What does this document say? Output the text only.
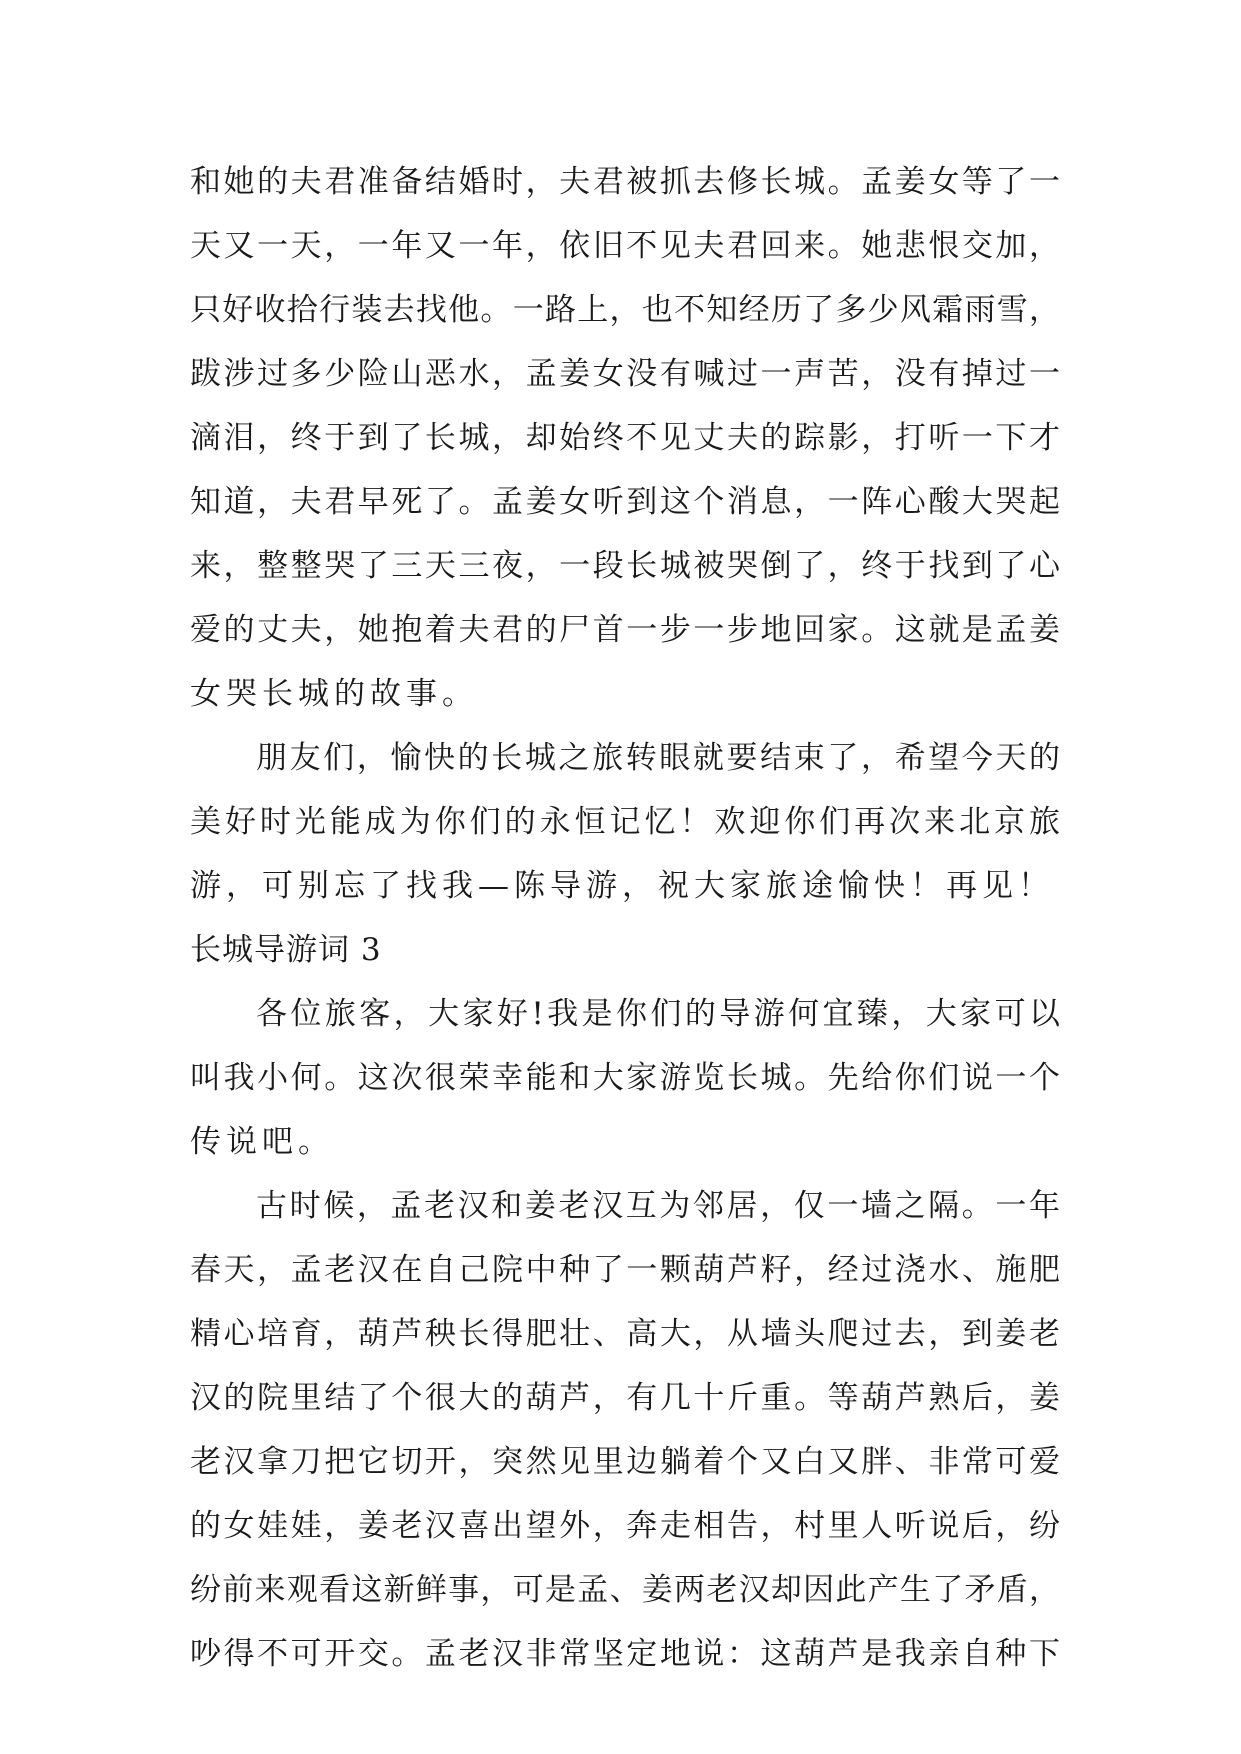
和她的夫君准备结婚时，夫君被抓去修长城。孟姜女等了一
天又一天，一年又一年，依旧不见夫君回来。她悲恨交加，
只好收拾行装去找他。一路上，也不知经历了多少风霜雨雪，
跋涉过多少险山恶水，孟姜女没有喊过一声苦，没有掉过一
滴泪，终于到了长城，却始终不见丈夫的踪影，打听一下才
知道，夫君早死了。孟姜女听到这个消息，一阵心酸大哭起
来，整整哭了三天三夜，一段长城被哭倒了，终于找到了心
爱的丈夫，她抱着夫君的尸首一步一步地回家。这就是孟姜
女哭长城的故事。
朋友们，愉快的长城之旅转眼就要结束了，希望今天的
美好时光能成为你们的永恒记忆！欢迎你们再次来北京旅
游，可别忘了找我—陈导游，祝大家旅途愉快！再见！
长城导游词 3
各位旅客，大家好!我是你们的导游何宜臻，大家可以
叫我小何。这次很荣幸能和大家游览长城。先给你们说一个
传说吧。
古时候，孟老汉和姜老汉互为邻居，仅一墙之隔。一年
春天，孟老汉在自己院中种了一颗葫芦籽，经过浇水、施肥
精心培育，葫芦秧长得肥壮、高大，从墙头爬过去，到姜老
汉的院里结了个很大的葫芦，有几十斤重。等葫芦熟后，姜
老汉拿刀把它切开，突然见里边躺着个又白又胖、非常可爱
的女娃娃，姜老汉喜出望外，奔走相告，村里人听说后，纷
纷前来观看这新鲜事，可是孟、姜两老汉却因此产生了矛盾，
吵得不可开交。孟老汉非常坚定地说：这葫芦是我亲自种下
